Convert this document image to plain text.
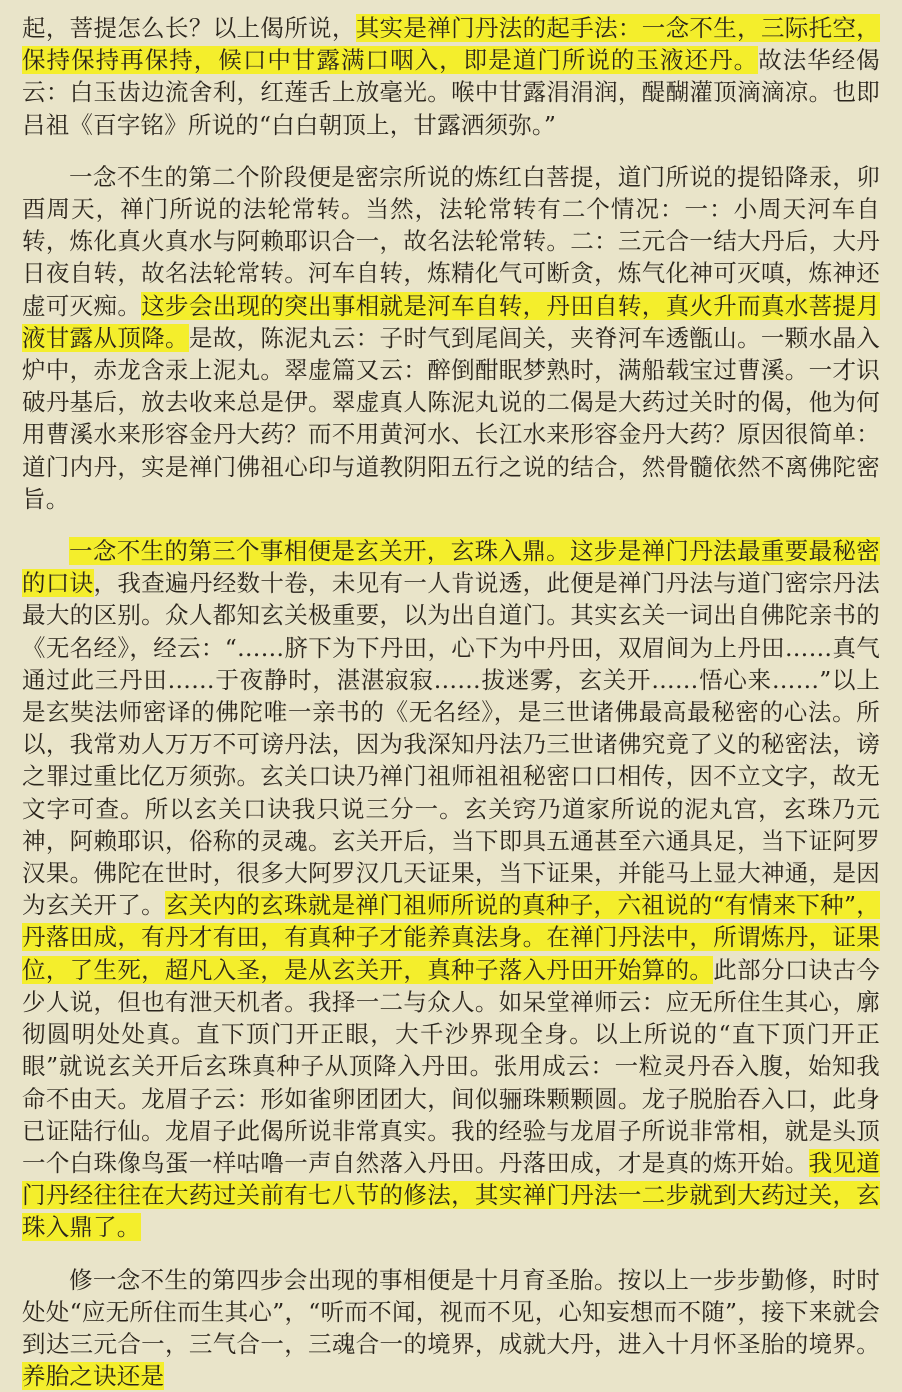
起，菩提怎么长？以上偈所说，其实是禅门丹法的起手法：一念不生，三际托空，保持保持再保持，候口中甘露满口咽入，即是道门所说的玉液还丹。故法华经偈云：白玉齿边流舍利，红莲舌上放毫光。喉中甘露涓涓润，醍醐灌顶滴滴凉。也即吕祖《百字铭》所说的“白白朝顶上，甘露洒须弥。”

一念不生的第二个阶段便是密宗所说的炼红白菩提，道门所说的提铅降汞，卯酉周天，禅门所说的法轮常转。当然，法轮常转有二个情况：一：小周天河车自转，炼化真火真水与阿赖耶识合一，故名法轮常转。二：三元合一结大丹后，大丹日夜自转，故名法轮常转。河车自转，炼精化气可断贪，炼气化神可灭嗔，炼神还虚可灭痴。这步会出现的突出事相就是河车自转，丹田自转，真火升而真水菩提月液甘露从顶降。是故，陈泥丸云：子时气到尾闾关，夹脊河车透甑山。一颗水晶入炉中，赤龙含汞上泥丸。翠虚篇又云：醉倒酣眠梦熟时，满船载宝过曹溪。一才识破丹基后，放去收来总是伊。翠虚真人陈泥丸说的二偈是大药过关时的偈，他为何用曹溪水来形容金丹大药？而不用黄河水、长江水来形容金丹大药？原因很简单：道门内丹，实是禅门佛祖心印与道教阴阳五行之说的结合，然骨髓依然不离佛陀密旨。

一念不生的第三个事相便是玄关开，玄珠入鼎。这步是禅门丹法最重要最秘密的口诀，我查遍丹经数十卷，未见有一人肯说透，此便是禅门丹法与道门密宗丹法最大的区别。众人都知玄关极重要，以为出自道门。其实玄关一词出自佛陀亲书的《无名经》，经云：“……脐下为下丹田，心下为中丹田，双眉间为上丹田……真气通过此三丹田……于夜静时，湛湛寂寂……拔迷雾，玄关开……悟心来……”以上是玄奘法师密译的佛陀唯一亲书的《无名经》，是三世诸佛最高最秘密的心法。所以，我常劝人万万不可谤丹法，因为我深知丹法乃三世诸佛究竟了义的秘密法，谤之罪过重比亿万须弥。玄关口诀乃禅门祖师祖祖秘密口口相传，因不立文字，故无文字可查。所以玄关口诀我只说三分一。玄关窍乃道家所说的泥丸宫，玄珠乃元神，阿赖耶识，俗称的灵魂。玄关开后，当下即具五通甚至六通具足，当下证阿罗汉果。佛陀在世时，很多大阿罗汉几天证果，当下证果，并能马上显大神通，是因为玄关开了。玄关内的玄珠就是禅门祖师所说的真种子，六祖说的“有情来下种”，丹落田成，有丹才有田，有真种子才能养真法身。在禅门丹法中，所谓炼丹，证果位，了生死，超凡入圣，是从玄关开，真种子落入丹田开始算的。此部分口诀古今少人说，但也有泄天机者。我择一二与众人。如呆堂禅师云：应无所住生其心，廓彻圆明处处真。直下顶门开正眼，大千沙界现全身。以上所说的“直下顶门开正眼”就说玄关开后玄珠真种子从顶降入丹田。张用成云：一粒灵丹吞入腹，始知我命不由天。龙眉子云：形如雀卵团团大，间似骊珠颗颗圆。龙子脱胎吞入口，此身已证陆行仙。龙眉子此偈所说非常真实。我的经验与龙眉子所说非常相，就是头顶一个白珠像鸟蛋一样咕噜一声自然落入丹田。丹落田成，才是真的炼开始。我见道门丹经往往在大药过关前有七八节的修法，其实禅门丹法一二步就到大药过关，玄珠入鼎了。

修一念不生的第四步会出现的事相便是十月育圣胎。按以上一步步勤修，时时处处“应无所住而生其心”，“听而不闻，视而不见，心知妄想而不随”，接下来就会到达三元合一，三气合一，三魂合一的境界，成就大丹，进入十月怀圣胎的境界。养胎之诀还是
